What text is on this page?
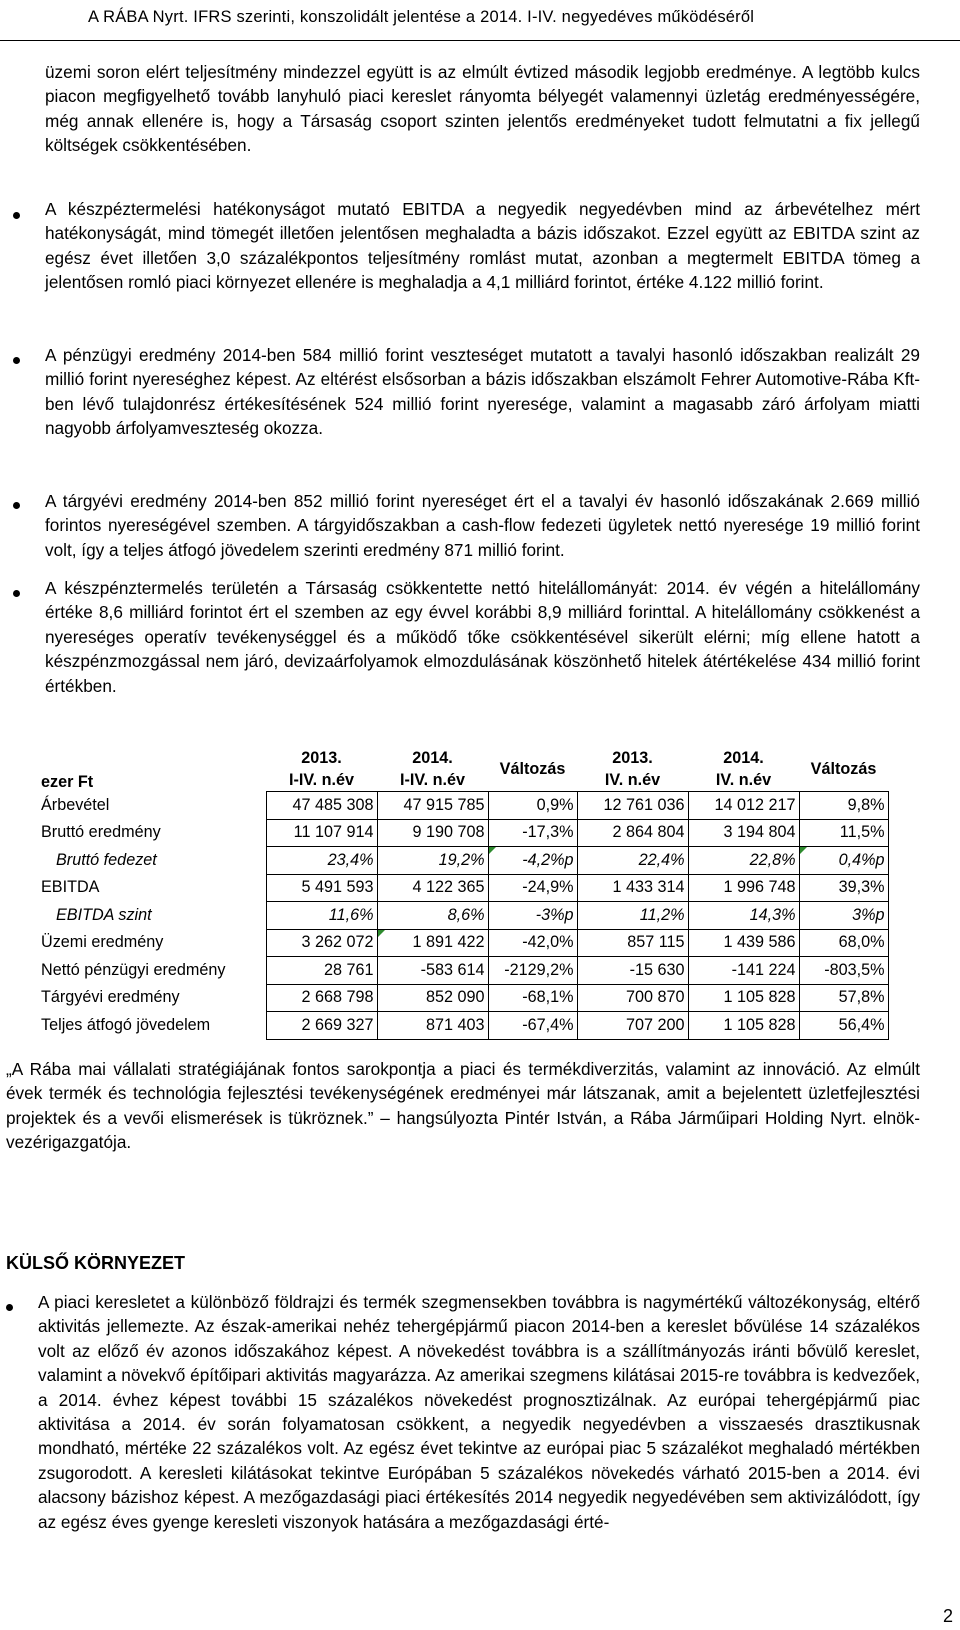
A RÁBA Nyrt. IFRS szerinti, konszolidált jelentése a 2014. I-IV. negyedéves működéséről

üzemi soron elért teljesítmény mindezzel együtt is az elmúlt évtized második legjobb eredménye. A legtöbb kulcs piacon megfigyelhető tovább lanyhuló piaci kereslet rányomta bélyegét valamennyi üzletág eredményességére, még annak ellenére is, hogy a Társaság csoport szinten jelentős eredményeket tudott felmutatni a fix jellegű költségek csökkentésében.

A készpéztermelési hatékonyságot mutató EBITDA a negyedik negyedévben mind az árbevételhez mért hatékonyságát, mind tömegét illetően jelentősen meghaladta a bázis időszakot. Ezzel együtt az EBITDA szint az egész évet illetően 3,0 százalékpontos teljesítmény romlást mutat, azonban a megtermelt EBITDA tömeg a jelentősen romló piaci környezet ellenére is meghaladja a 4,1 milliárd forintot, értéke 4.122 millió forint.

A pénzügyi eredmény 2014-ben 584 millió forint veszteséget mutatott a tavalyi hasonló időszakban realizált 29 millió forint nyereséghez képest. Az eltérést elsősorban a bázis időszakban elszámolt Fehrer Automotive-Rába Kft-ben lévő tulajdonrész értékesítésének 524 millió forint nyeresége, valamint a magasabb záró árfolyam miatti nagyobb árfolyamveszteség okozza.

A tárgyévi eredmény 2014-ben 852 millió forint nyereséget ért el a tavalyi év hasonló időszakának 2.669 millió forintos nyereségével szemben. A tárgyidőszakban a cash-flow fedezeti ügyletek nettó nyeresége 19 millió forint volt, így a teljes átfogó jövedelem szerinti eredmény 871 millió forint.

A készpénztermelés területén a Társaság csökkentette nettó hitelállományát: 2014. év végén a hitelállomány értéke 8,6 milliárd forintot ért el szemben az egy évvel korábbi 8,9 milliárd forinttal. A hitelállomány csökkenést a nyereséges operatív tevékenységgel és a működő tőke csökkentésével sikerült elérni; míg ellene hatott a készpénzmozgással nem járó, devizaárfolyamok elmozdulásának köszönhető hitelek átértékelése 434 millió forint értékben.

ezer Ft	2013.	2014.	Változás	2013.	2014.	Változás
	I-IV. n.év	I-IV. n.év		IV. n.év	IV. n.év	
Árbevétel	47 485 308	47 915 785	0,9%	12 761 036	14 012 217	9,8%
Bruttó eredmény	11 107 914	9 190 708	-17,3%	2 864 804	3 194 804	11,5%
Bruttó fedezet	23,4%	19,2%	-4,2%p	22,4%	22,8%	0,4%p
EBITDA	5 491 593	4 122 365	-24,9%	1 433 314	1 996 748	39,3%
EBITDA szint	11,6%	8,6%	-3%p	11,2%	14,3%	3%p
Üzemi eredmény	3 262 072	1 891 422	-42,0%	857 115	1 439 586	68,0%
Nettó pénzügyi eredmény	28 761	-583 614	-2129,2%	-15 630	-141 224	-803,5%
Tárgyévi eredmény	2 668 798	852 090	-68,1%	700 870	1 105 828	57,8%
Teljes átfogó jövedelem	2 669 327	871 403	-67,4%	707 200	1 105 828	56,4%

„A Rába mai vállalati stratégiájának fontos sarokpontja a piaci és termékdiverzitás, valamint az innováció. Az elmúlt évek termék és technológia fejlesztési tevékenységének eredményei már látszanak, amit a bejelentett üzletfejlesztési projektek és a vevői elismerések is tükröznek.” – hangsúlyozta Pintér István, a Rába Járműipari Holding Nyrt. elnök-vezérigazgatója.

KÜLSŐ KÖRNYEZET

A piaci keresletet a különböző földrajzi és termék szegmensekben továbbra is nagymértékű változékonyság, eltérő aktivitás jellemezte. Az észak-amerikai nehéz tehergépjármű piacon 2014-ben a kereslet bővülése 14 százalékos volt az előző év azonos időszakához képest. A növekedést továbbra is a szállítmányozás iránti bővülő kereslet, valamint a növekvő építőipari aktivitás magyarázza. Az amerikai szegmens kilátásai 2015-re továbbra is kedvezőek, a 2014. évhez képest további 15 százalékos növekedést prognosztizálnak. Az európai tehergépjármű piac aktivitása a 2014. év során folyamatosan csökkent, a negyedik negyedévben a visszaesés drasztikusnak mondható, mértéke 22 százalékos volt. Az egész évet tekintve az európai piac 5 százalékot meghaladó mértékben zsugorodott. A keresleti kilátásokat tekintve Európában 5 százalékos növekedés várható 2015-ben a 2014. évi alacsony bázishoz képest. A mezőgazdasági piaci értékesítés 2014 negyedik negyedévében sem aktivizálódott, így az egész éves gyenge keresleti viszonyok hatására a mezőgazdasági érté-

2
